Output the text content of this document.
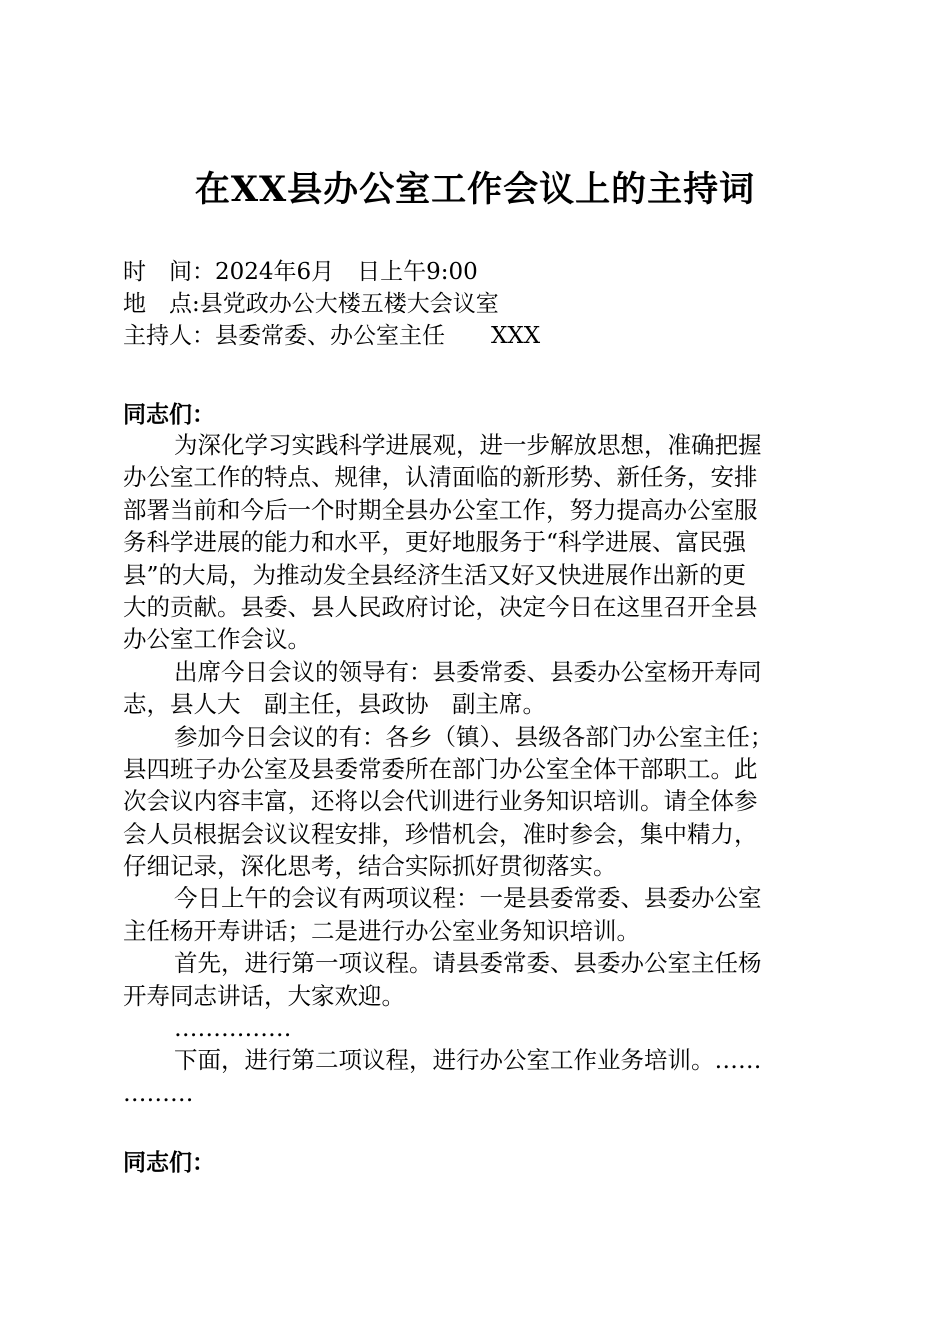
在XX县办公室工作会议上的主持词
时　间：2024年6月　日上午9:00
地　点:县党政办公大楼五楼大会议室
主持人：县委常委、办公室主任　　XXX
同志们：
为深化学习实践科学进展观，进一步解放思想，准确把握
办公室工作的特点、规律，认清面临的新形势、新任务，安排
部署当前和今后一个时期全县办公室工作，努力提高办公室服
务科学进展的能力和水平，更好地服务于“科学进展、富民强
县”的大局，为推动发全县经济生活又好又快进展作出新的更
大的贡献。县委、县人民政府讨论，决定今日在这里召开全县
办公室工作会议。
出席今日会议的领导有：县委常委、县委办公室杨开寿同
志，县人大　副主任，县政协　副主席。
参加今日会议的有：各乡（镇）、县级各部门办公室主任；
县四班子办公室及县委常委所在部门办公室全体干部职工。此
次会议内容丰富，还将以会代训进行业务知识培训。请全体参
会人员根据会议议程安排，珍惜机会，准时参会，集中精力，
仔细记录，深化思考，结合实际抓好贯彻落实。
今日上午的会议有两项议程：一是县委常委、县委办公室
主任杨开寿讲话；二是进行办公室业务知识培训。
首先，进行第一项议程。请县委常委、县委办公室主任杨
开寿同志讲话，大家欢迎。
……………
下面，进行第二项议程，进行办公室工作业务培训。……
………
同志们：
